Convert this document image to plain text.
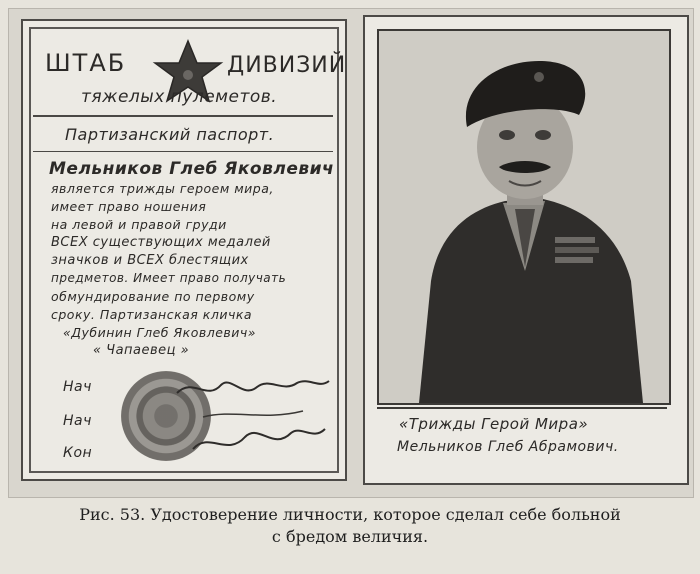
ШТАБ	ДИВИЗИЙ
тяжелых пулеметов.
Партизанский паспорт.
Мельников Глеб Яковлевич
является трижды героем мира,
имеет право ношения
на левой и правой груди
ВСЕХ существующих медалей
значков и ВСЕХ блестящих
предметов. Имеет право получать
обмундирование по первому
сроку. Партизанская кличка
«Дубинин Глеб Яковлевич»
« Чапаевец »
Нач
Нач
Кон
«Трижды Герой Мира»
Мельников Глеб Абрамович.
Рис. 53. Удостоверение личности, которое сделал себе больной
с бредом величия.
